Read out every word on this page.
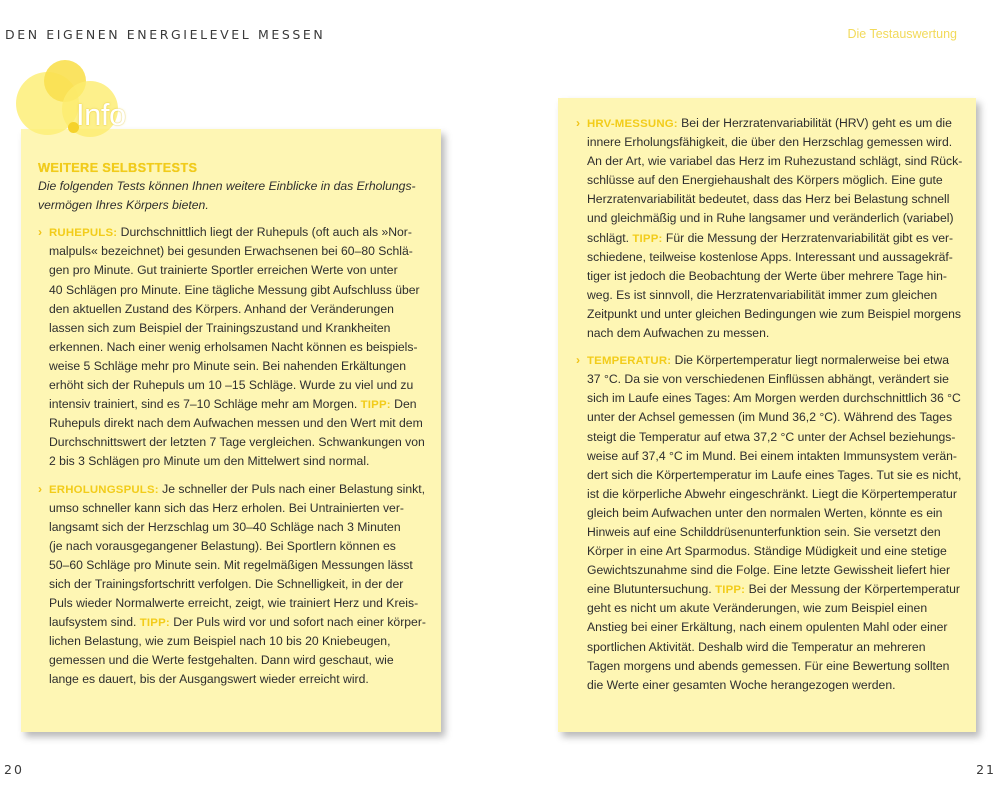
DEN EIGENEN ENERGIELEVEL MESSEN	Die Testauswertung
Info
WEITERE SELBSTTESTS
Die folgenden Tests können Ihnen weitere Einblicke in das Erholungs-
vermögen Ihres Körpers bieten.
› RUHEPULS: Durchschnittlich liegt der Ruhepuls (oft auch als »Nor-
malpuls« bezeichnet) bei gesunden Erwachsenen bei 60–80 Schlä-
gen pro Minute. Gut trainierte Sportler erreichen Werte von unter
40 Schlägen pro Minute. Eine tägliche Messung gibt Aufschluss über
den aktuellen Zustand des Körpers. Anhand der Veränderungen
lassen sich zum Beispiel der Trainingszustand und Krankheiten
erkennen. Nach einer wenig erholsamen Nacht können es beispiels-
weise 5 Schläge mehr pro Minute sein. Bei nahenden Erkältungen
erhöht sich der Ruhepuls um 10 –15 Schläge. Wurde zu viel und zu
intensiv trainiert, sind es 7–10 Schläge mehr am Morgen. TIPP: Den
Ruhepuls direkt nach dem Aufwachen messen und den Wert mit dem
Durchschnittswert der letzten 7 Tage vergleichen. Schwankungen von
2 bis 3 Schlägen pro Minute um den Mittelwert sind normal.
› ERHOLUNGSPULS: Je schneller der Puls nach einer Belastung sinkt,
umso schneller kann sich das Herz erholen. Bei Untrainierten ver-
langsamt sich der Herzschlag um 30–40 Schläge nach 3 Minuten
(je nach vorausgegangener Belastung). Bei Sportlern können es
50–60 Schläge pro Minute sein. Mit regelmäßigen Messungen lässt
sich der Trainingsfortschritt verfolgen. Die Schnelligkeit, in der der
Puls wieder Normalwerte erreicht, zeigt, wie trainiert Herz und Kreis-
laufsystem sind. TIPP: Der Puls wird vor und sofort nach einer körper-
lichen Belastung, wie zum Beispiel nach 10 bis 20 Kniebeugen,
gemessen und die Werte festgehalten. Dann wird geschaut, wie
lange es dauert, bis der Ausgangswert wieder erreicht wird.
› HRV-MESSUNG: Bei der Herzratenvariabilität (HRV) geht es um die
innere Erholungsfähigkeit, die über den Herzschlag gemessen wird.
An der Art, wie variabel das Herz im Ruhezustand schlägt, sind Rück-
schlüsse auf den Energiehaushalt des Körpers möglich. Eine gute
Herzratenvariabilität bedeutet, dass das Herz bei Belastung schnell
und gleichmäßig und in Ruhe langsamer und veränderlich (variabel)
schlägt. TIPP: Für die Messung der Herzratenvariabilität gibt es ver-
schiedene, teilweise kostenlose Apps. Interessant und aussagekräf-
tiger ist jedoch die Beobachtung der Werte über mehrere Tage hin-
weg. Es ist sinnvoll, die Herzratenvariabilität immer zum gleichen
Zeitpunkt und unter gleichen Bedingungen wie zum Beispiel morgens
nach dem Aufwachen zu messen.
› TEMPERATUR: Die Körpertemperatur liegt normalerweise bei etwa
37 °C. Da sie von verschiedenen Einflüssen abhängt, verändert sie
sich im Laufe eines Tages: Am Morgen werden durchschnittlich 36 °C
unter der Achsel gemessen (im Mund 36,2 °C). Während des Tages
steigt die Temperatur auf etwa 37,2 °C unter der Achsel beziehungs-
weise auf 37,4 °C im Mund. Bei einem intakten Immunsystem verän-
dert sich die Körpertemperatur im Laufe eines Tages. Tut sie es nicht,
ist die körperliche Abwehr eingeschränkt. Liegt die Körpertemperatur
gleich beim Aufwachen unter den normalen Werten, könnte es ein
Hinweis auf eine Schilddrüsenunterfunktion sein. Sie versetzt den
Körper in eine Art Sparmodus. Ständige Müdigkeit und eine stetige
Gewichtszunahme sind die Folge. Eine letzte Gewissheit liefert hier
eine Blutuntersuchung. TIPP: Bei der Messung der Körpertemperatur
geht es nicht um akute Veränderungen, wie zum Beispiel einen
Anstieg bei einer Erkältung, nach einem opulenten Mahl oder einer
sportlichen Aktivität. Deshalb wird die Temperatur an mehreren
Tagen morgens und abends gemessen. Für eine Bewertung sollten
die Werte einer gesamten Woche herangezogen werden.
20	21
